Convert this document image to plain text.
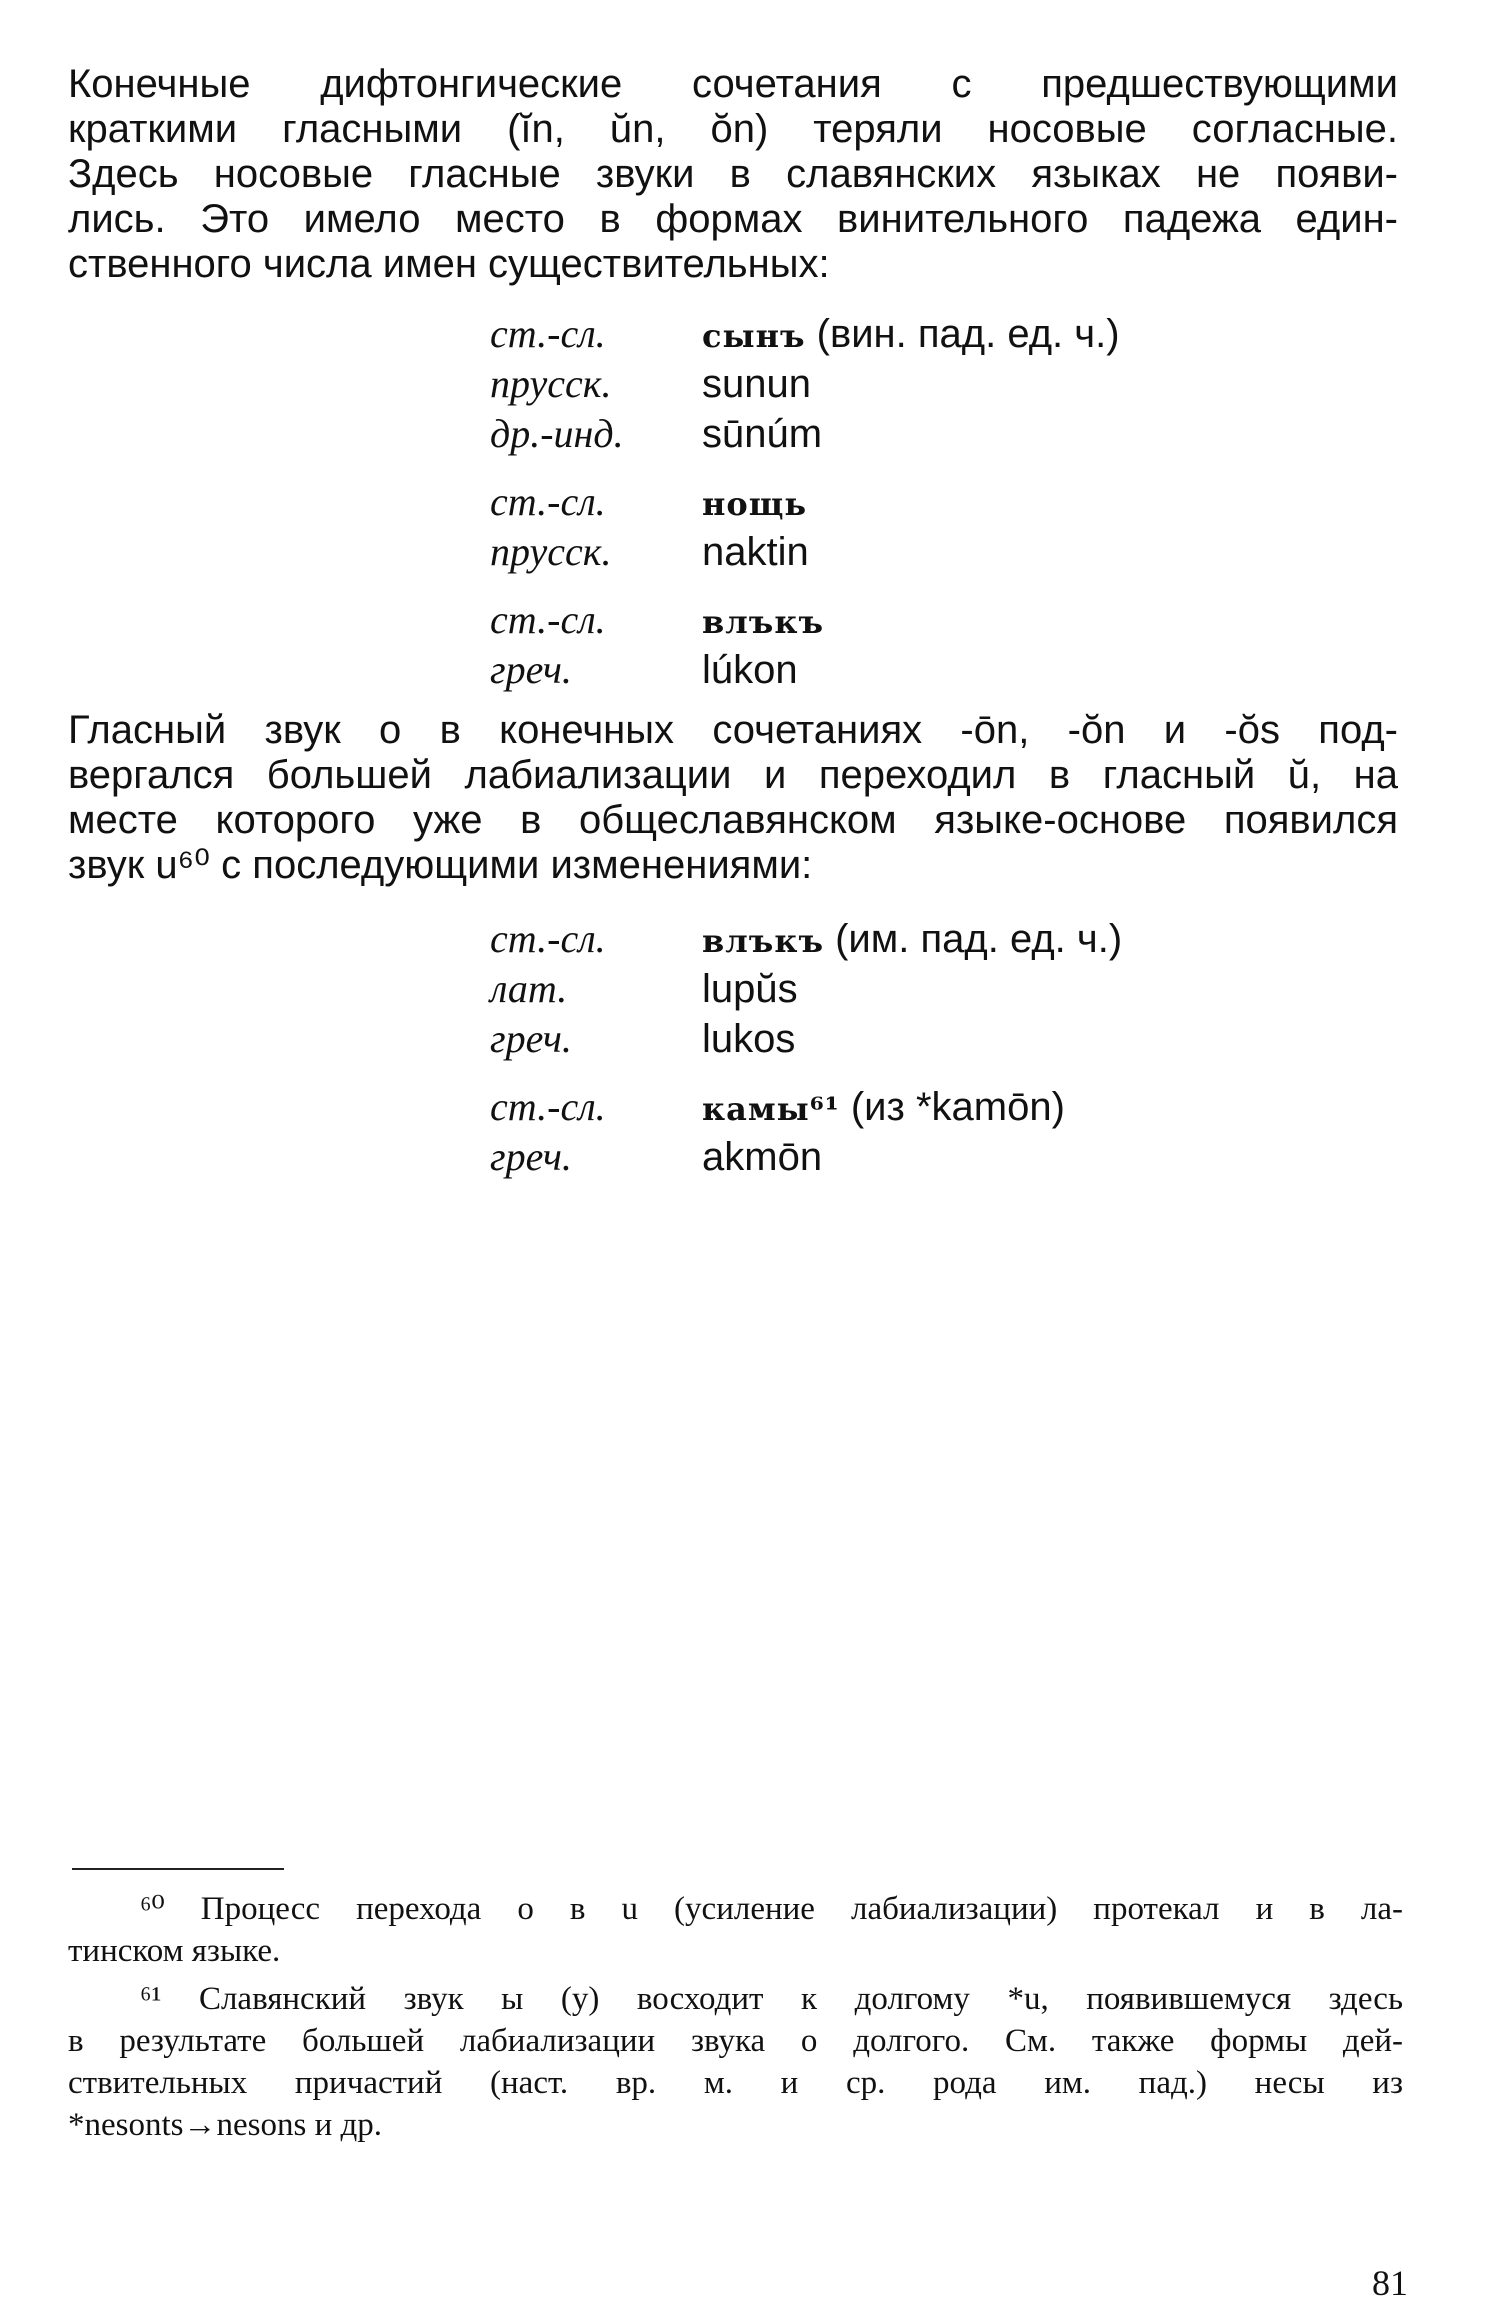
Конечные дифтонгические сочетания с предшествующими
краткими гласными (ĭn, ŭn, ŏn) теряли носовые согласные.
Здесь носовые гласные звуки в славянских языках не появи-
лись. Это имело место в формах винительного падежа един-
ственного числа имен существительных:
ст.-сл.	сынъ (вин. пад. ед. ч.)
прусск.	sunun
др.-инд.	sūnúm
ст.-сл.	нощь
прусск.	naktin
ст.-сл.	влъкъ
греч.	lúkon
Гласный звук о в конечных сочетаниях -ōn, -ŏn и -ŏs под-
вергался большей лабиализации и переходил в гласный ŭ, на
месте которого уже в общеславянском языке-основе появился
звук u⁶⁰ с последующими изменениями:
ст.-сл.	влъкъ (им. пад. ед. ч.)
лат.	lupŭs
греч.	lukos
ст.-сл.	камы⁶¹ (из *kamōn)
греч.	akmōn
⁶⁰ Процесс перехода о в u (усиление лабиализации) протекал и в ла-
тинском языке.
⁶¹ Славянский звук ы (y) восходит к долгому *u, появившемуся здесь
в результате большей лабиализации звука о долгого. См. также формы дей-
ствительных причастий (наст. вр. м. и ср. рода им. пад.) несы из
*nesonts→nesons и др.
81
